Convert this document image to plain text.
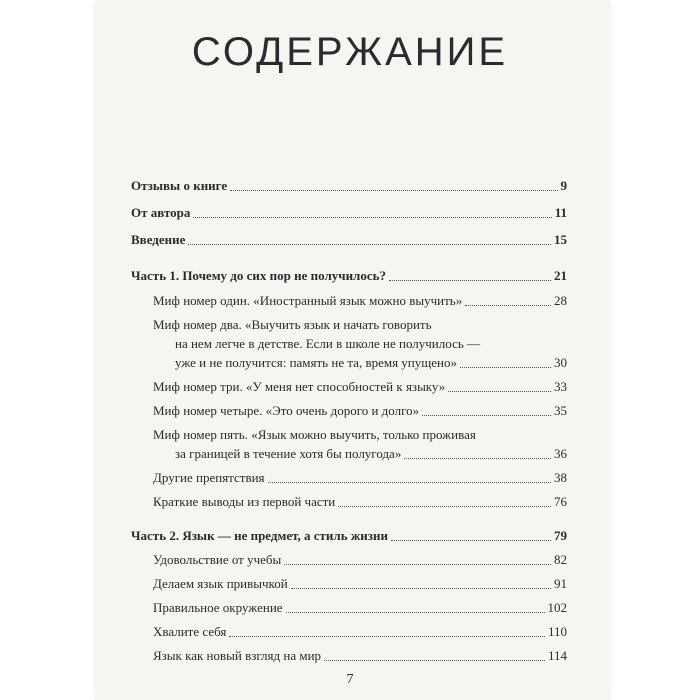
СОДЕРЖАНИЕ
Отзывы о книге	9
От автора	11
Введение	15
Часть 1. Почему до сих пор не получилось?	21
Миф номер один. «Иностранный язык можно выучить»	28
Миф номер два. «Выучить язык и начать говорить
на нем легче в детстве. Если в школе не получилось —
уже и не получится: память не та, время упущено»	30
Миф номер три. «У меня нет способностей к языку»	33
Миф номер четыре. «Это очень дорого и долго»	35
Миф номер пять. «Язык можно выучить, только проживая
за границей в течение хотя бы полугода»	36
Другие препятствия	38
Краткие выводы из первой части	76
Часть 2. Язык — не предмет, а стиль жизни	79
Удовольствие от учебы	82
Делаем язык привычкой	91
Правильное окружение	102
Хвалите себя	110
Язык как новый взгляд на мир	114
7
